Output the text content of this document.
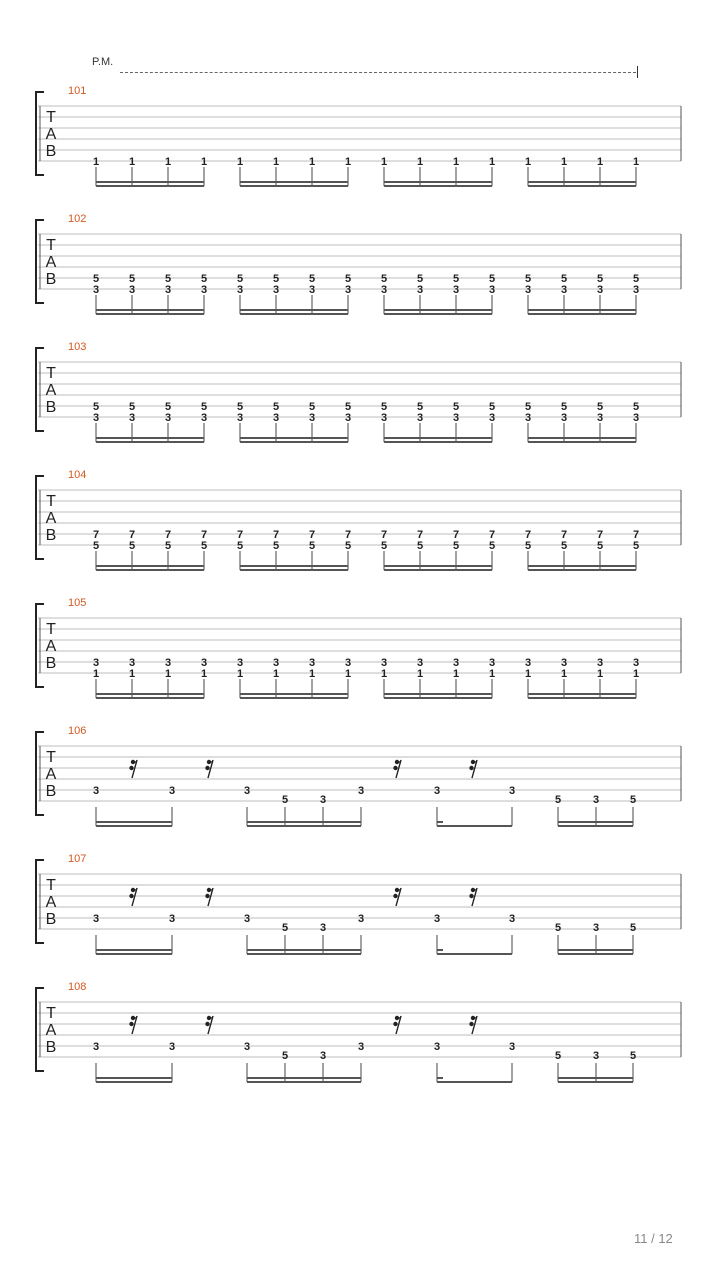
P.M.
T
A
B
101
1	1	1	1	1	1	1	1	1	1	1	1	1	1	1	1
T
A
B
102
5
3
5
3
5
3
5
3
5
3
5
3
5
3
5
3
5
3
5
3
5
3
5
3
5
3
5
3
5
3
5
3
T
A
B
103
5
3
5
3
5
3
5
3
5
3
5
3
5
3
5
3
5
3
5
3
5
3
5
3
5
3
5
3
5
3
5
3
T
A
B
104
7
5
7
5
7
5
7
5
7
5
7
5
7
5
7
5
7
5
7
5
7
5
7
5
7
5
7
5
7
5
7
5
T
A
B
105
3
1
3
1
3
1
3
1
3
1
3
1
3
1
3
1
3
1
3
1
3
1
3
1
3
1
3
1
3
1
3
1
T
A
B
106
3	3	3
5	3
3	3	3
5	3	5
T
A
B
107
3	3	3
5	3
3	3	3
5	3	5
T
A
B
108
3	3	3
5	3
3	3	3
5	3	5
11 / 12
